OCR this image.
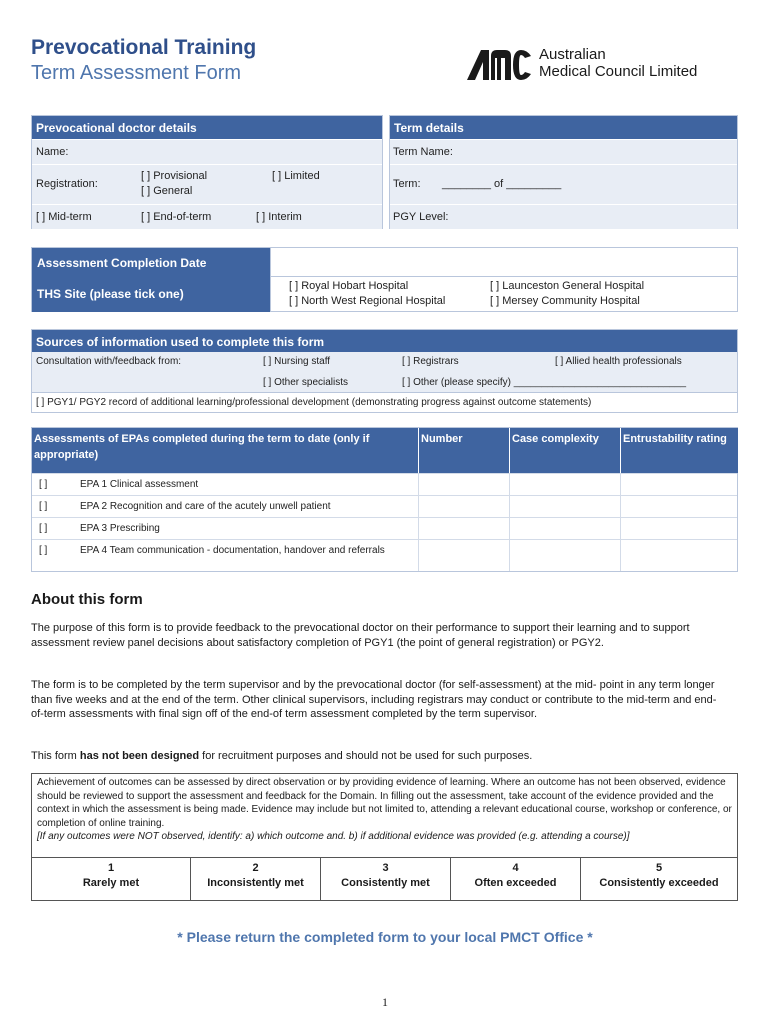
Prevocational Training
Term Assessment Form
Australian
Medical Council Limited
Prevocational doctor details
Name:
Registration:
[ ] Provisional
[ ] General
[ ] Limited
[ ] Mid-term	[ ] End-of-term	[ ] Interim
Term details
Term Name:
Term: ________ of _________
PGY Level:
Assessment Completion Date
THS Site (please tick one)
[ ] Royal Hobart Hospital
[ ] North West Regional Hospital
[ ] Launceston General Hospital
[ ] Mersey Community Hospital
Sources of information used to complete this form
Consultation with/feedback from:	[ ] Nursing staff	[ ] Registrars	[ ] Allied health professionals
[ ] Other specialists	[ ] Other (please specify) _______________________________
[ ] PGY1/ PGY2 record of additional learning/professional development (demonstrating progress against outcome statements)
Assessments of EPAs completed during the term to date (only if appropriate)
Number	Case complexity	Entrustability rating
[ ]	EPA 1 Clinical assessment
[ ]	EPA 2 Recognition and care of the acutely unwell patient
[ ]	EPA 3 Prescribing
[ ]	EPA 4 Team communication - documentation, handover and referrals
About this form
The purpose of this form is to provide feedback to the prevocational doctor on their performance to support their learning and to support assessment review panel decisions about satisfactory completion of PGY1 (the point of general registration) or PGY2.
The form is to be completed by the term supervisor and by the prevocational doctor (for self-assessment) at the mid- point in any term longer than five weeks and at the end of the term. Other clinical supervisors, including registrars may conduct or contribute to the mid-term and end-of-term assessments with final sign off of the end-of term assessment completed by the term supervisor.
This form has not been designed for recruitment purposes and should not be used for such purposes.
Achievement of outcomes can be assessed by direct observation or by providing evidence of learning. Where an outcome has not been observed, evidence should be reviewed to support the assessment and feedback for the Domain. In filling out the assessment, take account of the evidence provided and the context in which the assessment is being made. Evidence may include but not limited to, attending a relevant educational course, workshop or conference, or completion of online training.
[If any outcomes were NOT observed, identify: a) which outcome and. b) if additional evidence was provided (e.g. attending a course)]
1
Rarely met
2
Inconsistently met
3
Consistently met
4
Often exceeded
5
Consistently exceeded
* Please return the completed form to your local PMCT Office *
1
